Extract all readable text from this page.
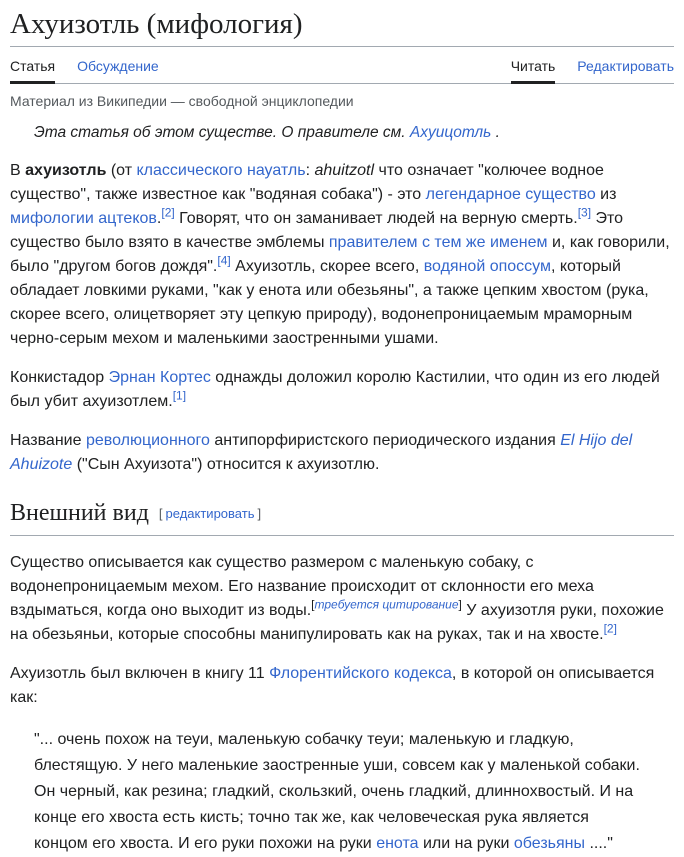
Ахуизотль (мифология)
Статья Обсуждение	Читать Редактировать
Материал из Википедии — свободной энциклопедии
Эта статья об этом существе. О правителе см. Ахуицотль .

В ахуизотль (от классического науатль: ahuitzotl что означает "колючее водное существо", также известное как "водяная собака") - это легендарное существо из мифологии ацтеков.[2] Говорят, что он заманивает людей на верную смерть.[3] Это существо было взято в качестве эмблемы правителем с тем же именем и, как говорили, было "другом богов дождя".[4] Ахуизотль, скорее всего, водяной опоссум, который обладает ловкими руками, "как у енота или обезьяны", а также цепким хвостом (рука, скорее всего, олицетворяет эту цепкую природу), водонепроницаемым мраморным черно-серым мехом и маленькими заостренными ушами.

Конкистадор Эрнан Кортес однажды доложил королю Кастилии, что один из его людей был убит ахуизотлем.[1]

Название революционного антипорфиристского периодического издания El Hijo del Ahuizote ("Сын Ахуизота") относится к ахуизотлю.

Внешний вид [ редактировать ]

Существо описывается как существо размером с маленькую собаку, с водонепроницаемым мехом. Его название происходит от склонности его меха вздыматься, когда оно выходит из воды.[требуется цитирование] У ахуизотля руки, похожие на обезьяньи, которые способны манипулировать как на руках, так и на хвосте.[2]

Ахуизотль был включен в книгу 11 Флорентийского кодекса, в которой он описывается как:

"... очень похож на теуи, маленькую собачку теуи; маленькую и гладкую, блестящую. У него маленькие заостренные уши, совсем как у маленькой собаки. Он черный, как резина; гладкий, скользкий, очень гладкий, длиннохвостый. И на конце его хвоста есть кисть; точно так же, как человеческая рука является концом его хвоста. И его руки похожи на руки енота или на руки обезьяны ...."
